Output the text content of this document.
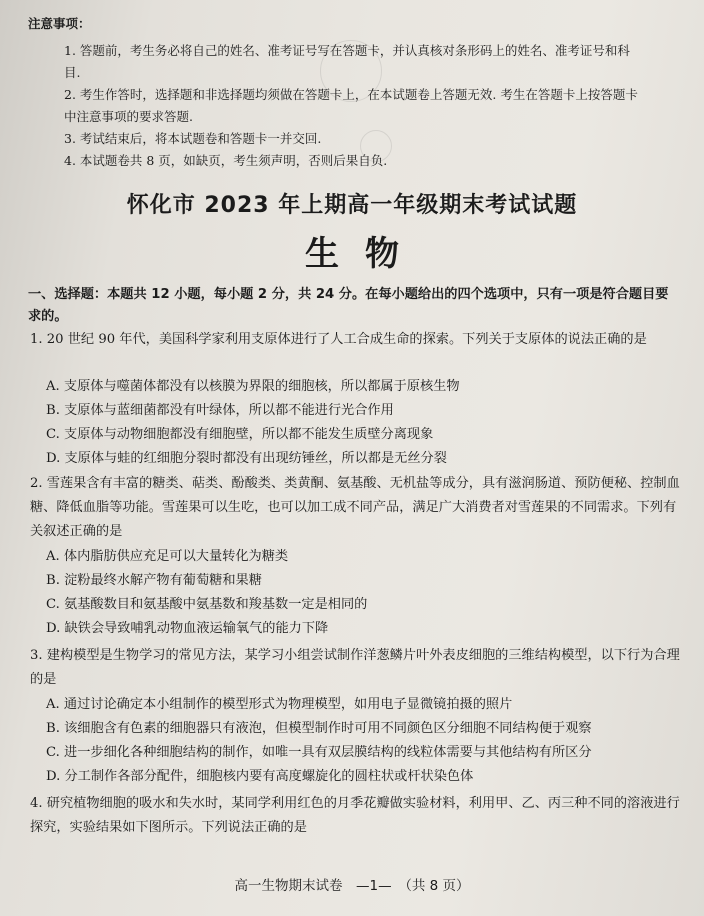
注意事项：
1. 答题前，考生务必将自己的姓名、准考证号写在答题卡，并认真核对条形码上的姓名、准考证号和科目.
2. 考生作答时，选择题和非选择题均须做在答题卡上，在本试题卷上答题无效. 考生在答题卡上按答题卡中注意事项的要求答题.
3. 考试结束后，将本试题卷和答题卡一并交回.
4. 本试题卷共 8 页，如缺页，考生须声明，否则后果自负.
怀化市 2023 年上期高一年级期末考试试题
生物
一、选择题：本题共 12 小题，每小题 2 分，共 24 分。在每小题给出的四个选项中，只有一项是符合题目要求的。
1. 20 世纪 90 年代，美国科学家利用支原体进行了人工合成生命的探索。下列关于支原体的说法正确的是
A. 支原体与噬菌体都没有以核膜为界限的细胞核，所以都属于原核生物
B. 支原体与蓝细菌都没有叶绿体，所以都不能进行光合作用
C. 支原体与动物细胞都没有细胞壁，所以都不能发生质壁分离现象
D. 支原体与蛙的红细胞分裂时都没有出现纺锤丝，所以都是无丝分裂
2. 雪莲果含有丰富的糖类、萜类、酚酸类、类黄酮、氨基酸、无机盐等成分，具有滋润肠道、预防便秘、控制血糖、降低血脂等功能。雪莲果可以生吃，也可以加工成不同产品，满足广大消费者对雪莲果的不同需求。下列有关叙述正确的是
A. 体内脂肪供应充足可以大量转化为糖类
B. 淀粉最终水解产物有葡萄糖和果糖
C. 氨基酸数目和氨基酸中氨基数和羧基数一定是相同的
D. 缺铁会导致哺乳动物血液运输氧气的能力下降
3. 建构模型是生物学习的常见方法，某学习小组尝试制作洋葱鳞片叶外表皮细胞的三维结构模型，以下行为合理的是
A. 通过讨论确定本小组制作的模型形式为物理模型，如用电子显微镜拍摄的照片
B. 该细胞含有色素的细胞器只有液泡，但模型制作时可用不同颜色区分细胞不同结构便于观察
C. 进一步细化各种细胞结构的制作，如唯一具有双层膜结构的线粒体需要与其他结构有所区分
D. 分工制作各部分配件，细胞核内要有高度螺旋化的圆柱状或杆状染色体
4. 研究植物细胞的吸水和失水时，某同学利用红色的月季花瓣做实验材料，利用甲、乙、丙三种不同的溶液进行探究，实验结果如下图所示。下列说法正确的是
高一生物期末试卷　—1—　（共 8 页）
